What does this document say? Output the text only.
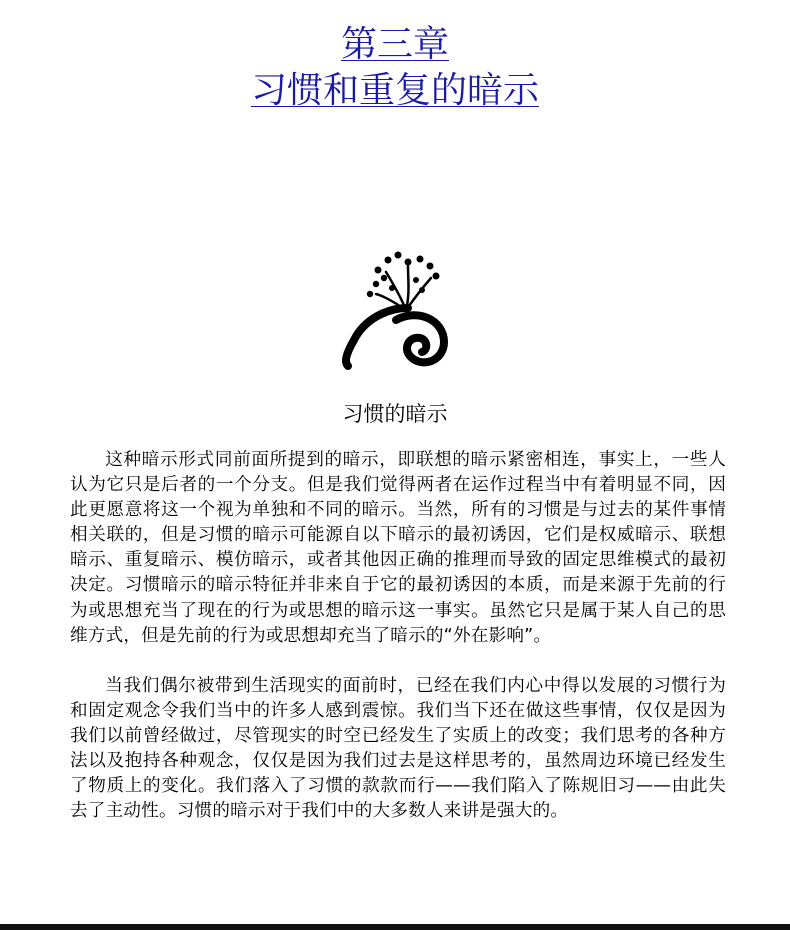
第三章
习惯和重复的暗示
习惯的暗示

这种暗示形式同前面所提到的暗示，即联想的暗示紧密相连，事实上，一些人认为它只是后者的一个分支。但是我们觉得两者在运作过程当中有着明显不同，因此更愿意将这一个视为单独和不同的暗示。当然，所有的习惯是与过去的某件事情相关联的，但是习惯的暗示可能源自以下暗示的最初诱因，它们是权威暗示、联想暗示、重复暗示、模仿暗示，或者其他因正确的推理而导致的固定思维模式的最初决定。习惯暗示的暗示特征并非来自于它的最初诱因的本质，而是来源于先前的行为或思想充当了现在的行为或思想的暗示这一事实。虽然它只是属于某人自己的思维方式，但是先前的行为或思想却充当了暗示的“外在影响”。

当我们偶尔被带到生活现实的面前时，已经在我们内心中得以发展的习惯行为和固定观念令我们当中的许多人感到震惊。我们当下还在做这些事情，仅仅是因为我们以前曾经做过，尽管现实的时空已经发生了实质上的改变；我们思考的各种方法以及抱持各种观念，仅仅是因为我们过去是这样思考的，虽然周边环境已经发生了物质上的变化。我们落入了习惯的款款而行——我们陷入了陈规旧习——由此失去了主动性。习惯的暗示对于我们中的大多数人来讲是强大的。
